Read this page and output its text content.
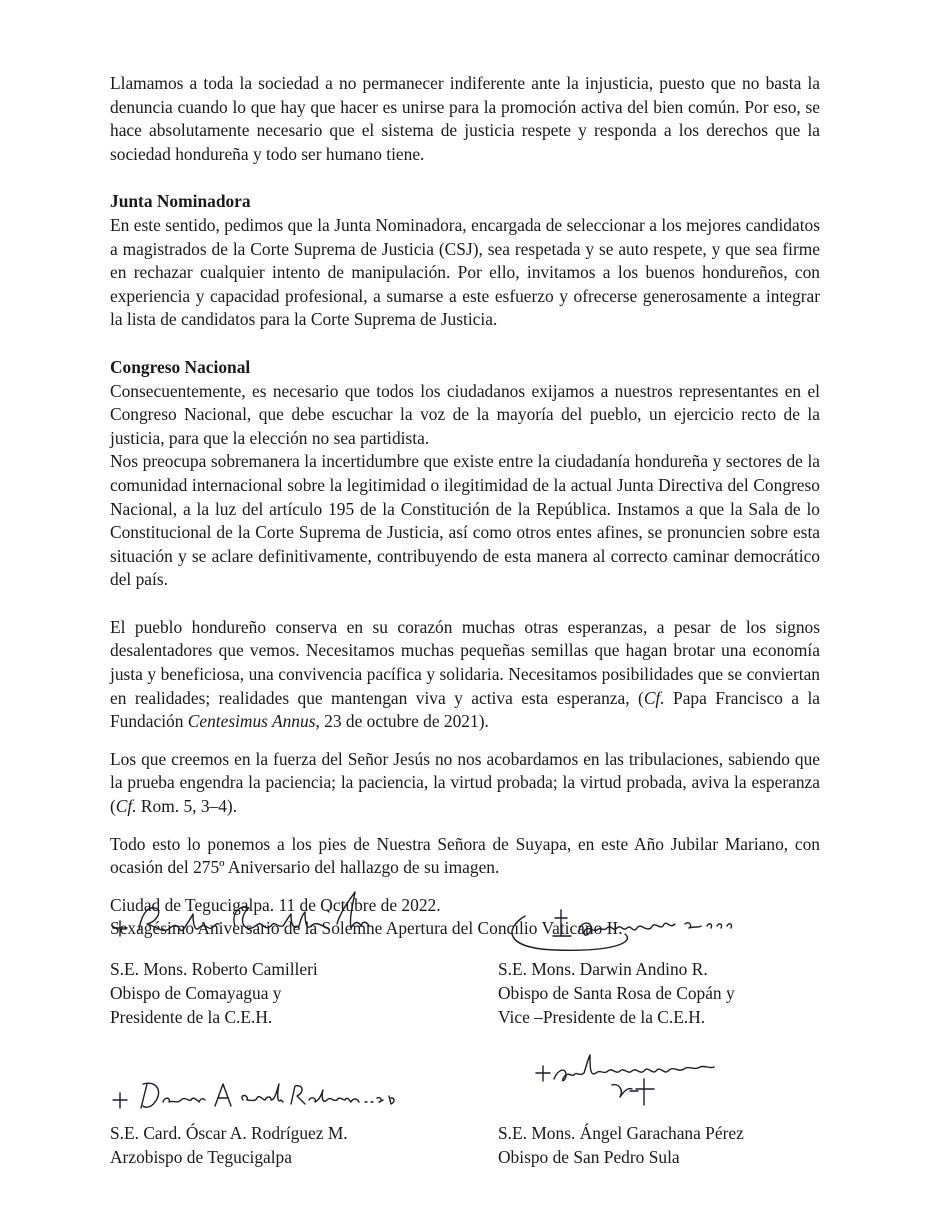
Llamamos a toda la sociedad a no permanecer indiferente ante la injusticia, puesto que no basta la denuncia cuando lo que hay que hacer es unirse para la promoción activa del bien común. Por eso, se hace absolutamente necesario que el sistema de justicia respete y responda a los derechos que la sociedad hondureña y todo ser humano tiene.

Junta Nominadora

En este sentido, pedimos que la Junta Nominadora, encargada de seleccionar a los mejores candidatos a magistrados de la Corte Suprema de Justicia (CSJ), sea respetada y se auto respete, y que sea firme en rechazar cualquier intento de manipulación. Por ello, invitamos a los buenos hondureños, con experiencia y capacidad profesional, a sumarse a este esfuerzo y ofrecerse generosamente a integrar la lista de candidatos para la Corte Suprema de Justicia.

Congreso Nacional

Consecuentemente, es necesario que todos los ciudadanos exijamos a nuestros representantes en el Congreso Nacional, que debe escuchar la voz de la mayoría del pueblo, un ejercicio recto de la justicia, para que la elección no sea partidista.

Nos preocupa sobremanera la incertidumbre que existe entre la ciudadanía hondureña y sectores de la comunidad internacional sobre la legitimidad o ilegitimidad de la actual Junta Directiva del Congreso Nacional, a la luz del artículo 195 de la Constitución de la República. Instamos a que la Sala de lo Constitucional de la Corte Suprema de Justicia, así como otros entes afines, se pronuncien sobre esta situación y se aclare definitivamente, contribuyendo de esta manera al correcto caminar democrático del país.

El pueblo hondureño conserva en su corazón muchas otras esperanzas, a pesar de los signos desalentadores que vemos. Necesitamos muchas pequeñas semillas que hagan brotar una economía justa y beneficiosa, una convivencia pacífica y solidaria. Necesitamos posibilidades que se conviertan en realidades; realidades que mantengan viva y activa esta esperanza, (Cf. Papa Francisco a la Fundación Centesimus Annus, 23 de octubre de 2021).

Los que creemos en la fuerza del Señor Jesús no nos acobardamos en las tribulaciones, sabiendo que la prueba engendra la paciencia; la paciencia, la virtud probada; la virtud probada, aviva la esperanza (Cf. Rom. 5, 3–4).

Todo esto lo ponemos a los pies de Nuestra Señora de Suyapa, en este Año Jubilar Mariano, con ocasión del 275º Aniversario del hallazgo de su imagen.

Ciudad de Tegucigalpa. 11 de Octubre de 2022.

Sexagésimo Aniversario de la Solemne Apertura del Concilio Vaticano II.

S.E. Mons. Roberto Camilleri
Obispo de Comayagua y
Presidente de la C.E.H.
S.E. Mons. Darwin Andino R.
Obispo de Santa Rosa de Copán y
Vice –Presidente de la C.E.H.
S.E. Card. Óscar A. Rodríguez M.
Arzobispo de Tegucigalpa
S.E. Mons. Ángel Garachana Pérez
Obispo de San Pedro Sula
